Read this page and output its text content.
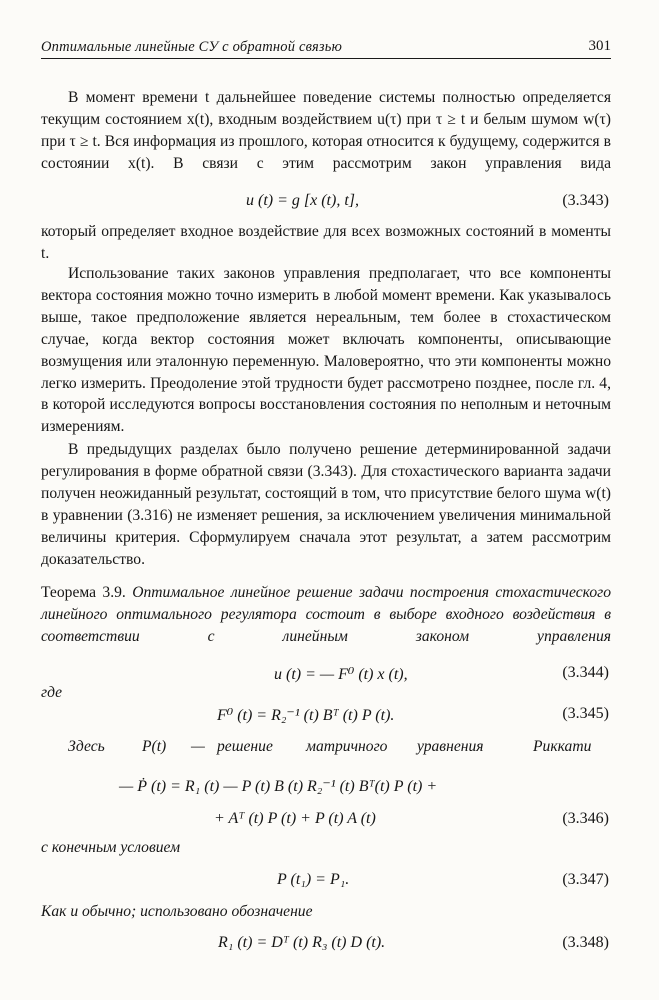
Оптимальные линейные СУ с обратной связью	301
В момент времени t дальнейшее поведение системы полностью определяется текущим состоянием x(t), входным воздействием u(τ) при τ ≥ t и белым шумом w(τ) при τ ≥ t. Вся информация из прошлого, которая относится к будущему, содержится в состоянии x(t). В связи с этим рассмотрим закон управления вида
u (t) = g [x (t), t],	(3.343)
который определяет входное воздействие для всех возможных состояний в моменты t.
Использование таких законов управления предполагает, что все компоненты вектора состояния можно точно измерить в любой момент времени. Как указывалось выше, такое предположение является нереальным, тем более в стохастическом случае, когда вектор состояния может включать компоненты, описывающие возмущения или эталонную переменную. Маловероятно, что эти компоненты можно легко измерить. Преодоление этой трудности будет рассмотрено позднее, после гл. 4, в которой исследуются вопросы восстановления состояния по неполным и неточным измерениям.
В предыдущих разделах было получено решение детерминированной задачи регулирования в форме обратной связи (3.343). Для стохастического варианта задачи получен неожиданный результат, состоящий в том, что присутствие белого шума w(t) в уравнении (3.316) не изменяет решения, за исключением увеличения минимальной величины критерия. Сформулируем сначала этот результат, а затем рассмотрим доказательство.
Теорема 3.9. Оптимальное линейное решение задачи построения стохастического линейного оптимального регулятора состоит в выборе входного воздействия в соответствии с линейным законом управления
u (t) = — F⁰ (t) x (t),	(3.344)
где
F⁰ (t) = R₂⁻¹ (t) Bᵀ (t) P (t).	(3.345)
Здесь P(t) — решение матричного уравнения	Риккати
— Ṗ (t) = R₁ (t) — P (t) B (t) R₂⁻¹ (t) Bᵀ(t) P (t) +
+ Aᵀ (t) P (t) + P (t) A (t)	(3.346)
с конечным условием
P (t₁) = P₁.	(3.347)
Как и обычно; использовано обозначение
R₁ (t) = Dᵀ (t) R₃ (t) D (t).	(3.348)
